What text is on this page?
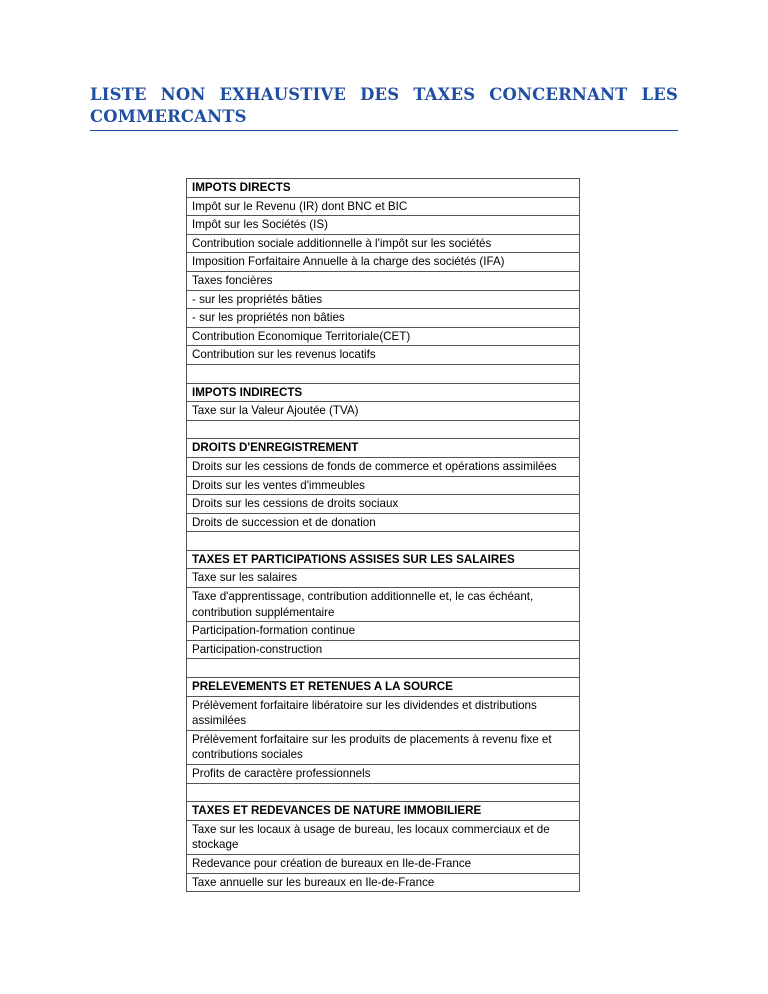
LISTE NON EXHAUSTIVE DES TAXES CONCERNANT LES COMMERCANTS
IMPOTS DIRECTS
Impôt sur le Revenu (IR) dont BNC et BIC
Impôt sur les Sociétés (IS)
Contribution sociale additionnelle à l'impôt sur les sociétés
Imposition Forfaitaire Annuelle à la charge des sociétés (IFA)
Taxes foncières
- sur les propriétés bâties
- sur les propriétés non bâties
Contribution Economique Territoriale(CET)
Contribution sur les revenus locatifs

IMPOTS INDIRECTS
Taxe sur la Valeur Ajoutée (TVA)

DROITS D'ENREGISTREMENT
Droits sur les cessions de fonds de commerce et opérations assimilées
Droits sur les ventes d'immeubles
Droits sur les cessions de droits sociaux
Droits de succession et de donation

TAXES ET PARTICIPATIONS ASSISES SUR LES SALAIRES
Taxe sur les salaires
Taxe d'apprentissage, contribution additionnelle et, le cas échéant, contribution supplémentaire
Participation-formation continue
Participation-construction

PRELEVEMENTS ET RETENUES A LA SOURCE
Prélèvement forfaitaire libératoire sur les dividendes et distributions assimilées
Prélèvement forfaitaire sur les produits de placements à revenu fixe et contributions sociales
Profits de caractère professionnels

TAXES ET REDEVANCES DE NATURE IMMOBILIERE
Taxe sur les locaux à usage de bureau, les locaux commerciaux et de stockage
Redevance pour création de bureaux en Ile-de-France
Taxe annuelle sur les bureaux en Ile-de-France
